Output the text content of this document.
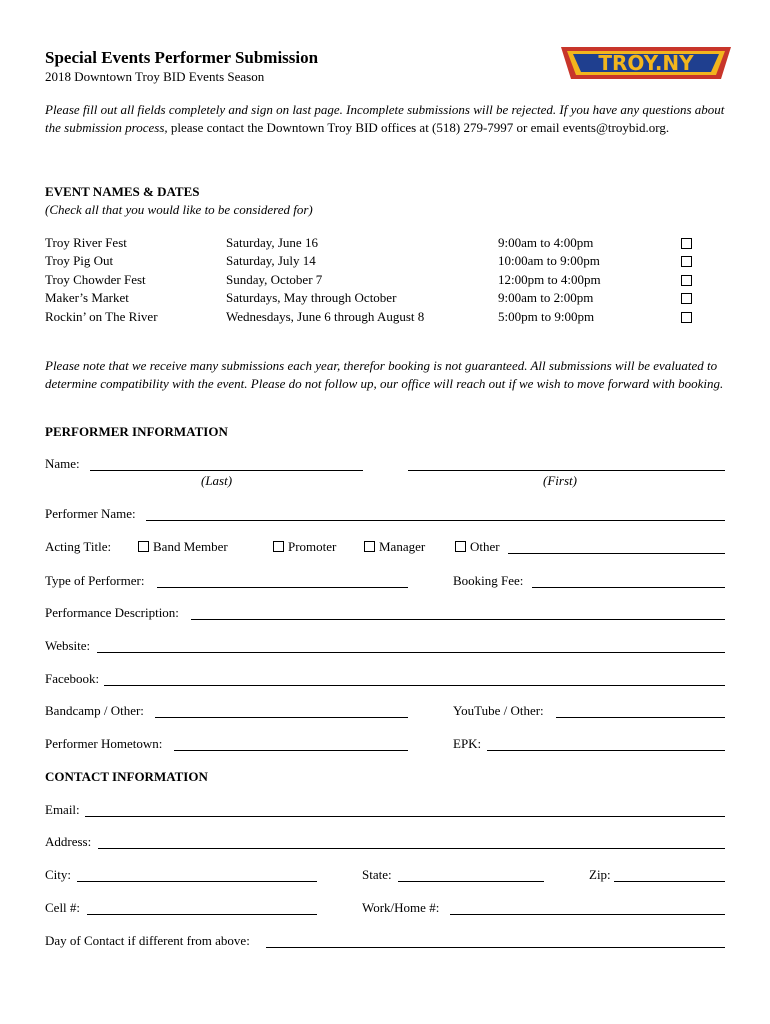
Special Events Performer Submission
2018 Downtown Troy BID Events Season
TROY.NY
Please fill out all fields completely and sign on last page. Incomplete submissions will be rejected. If you have any questions about the submission process, please contact the Downtown Troy BID offices at (518) 279-7997 or email events@troybid.org.
EVENT NAMES & DATES
(Check all that you would like to be considered for)
Troy River Fest	Saturday, June 16	9:00am to 4:00pm
Troy Pig Out	Saturday, July 14	10:00am to 9:00pm
Troy Chowder Fest	Sunday, October 7	12:00pm to 4:00pm
Maker’s Market	Saturdays, May through October	9:00am to 2:00pm
Rockin’ on The River	Wednesdays, June 6 through August 8	5:00pm to 9:00pm
Please note that we receive many submissions each year, therefor booking is not guaranteed. All submissions will be evaluated to determine compatibility with the event. Please do not follow up, our office will reach out if we wish to move forward with booking.
PERFORMER INFORMATION
Name:
(Last)	(First)
Performer Name:
Acting Title:	Band Member	Promoter	Manager	Other
Type of Performer:	Booking Fee:
Performance Description:
Website:
Facebook:
Bandcamp / Other:	YouTube / Other:
Performer Hometown:	EPK:
CONTACT INFORMATION
Email:
Address:
City:	State:	Zip:
Cell #:	Work/Home #:
Day of Contact if different from above:
